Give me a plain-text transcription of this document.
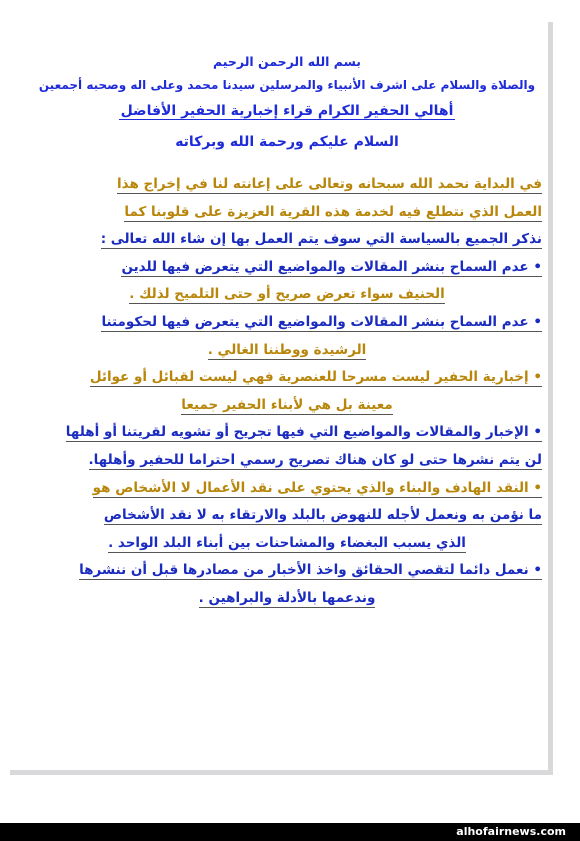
بسم الله الرحمن الرحيم
والصلاة والسلام على اشرف الأنبياء والمرسلين سيدنا محمد وعلى اله وصحبه أجمعين
أهالي الحفير الكرام قراء إخبارية الحفير الأفاضل
السلام عليكم ورحمة الله وبركاته
في البداية نحمد الله سبحانه وتعالى على إعانته لنا في إخراج هذا
العمل الذي نتطلع فيه لخدمة هذه القرية العزيزة على قلوبنا كما
نذكر الجميع بالسياسة التي سوف يتم العمل بها إن شاء الله تعالى :
• عدم السماح بنشر المقالات والمواضيع التي يتعرض فيها للدين
الحنيف سواء تعرض صريح أو حتى التلميح لذلك .
• عدم السماح بنشر المقالات والمواضيع التي يتعرض فيها لحكومتنا
الرشيدة ووطننا الغالي .
• إخبارية الحفير ليست مسرحا للعنصرية فهي ليست لقبائل أو عوائل
معينة بل هي لأبناء الحفير جميعا
• الإخبار والمقالات والمواضيع التي فيها تجريح أو تشويه لقريتنا أو أهلها
لن يتم نشرها حتى لو كان هناك تصريح رسمي احتراما للحفير وأهلها.
• النقد الهادف والبناء والذي يحتوي على نقد الأعمال لا الأشخاص هو
ما نؤمن به ونعمل لأجله للنهوض بالبلد والارتقاء به لا نقد الأشخاص
الذي يسبب البغضاء والمشاحنات بين أبناء البلد الواحد .
• نعمل دائما لتقصي الحقائق واخذ الأخبار من مصادرها قبل أن ننشرها
وندعمها بالأدلة والبراهين .
alhofairnews.com
